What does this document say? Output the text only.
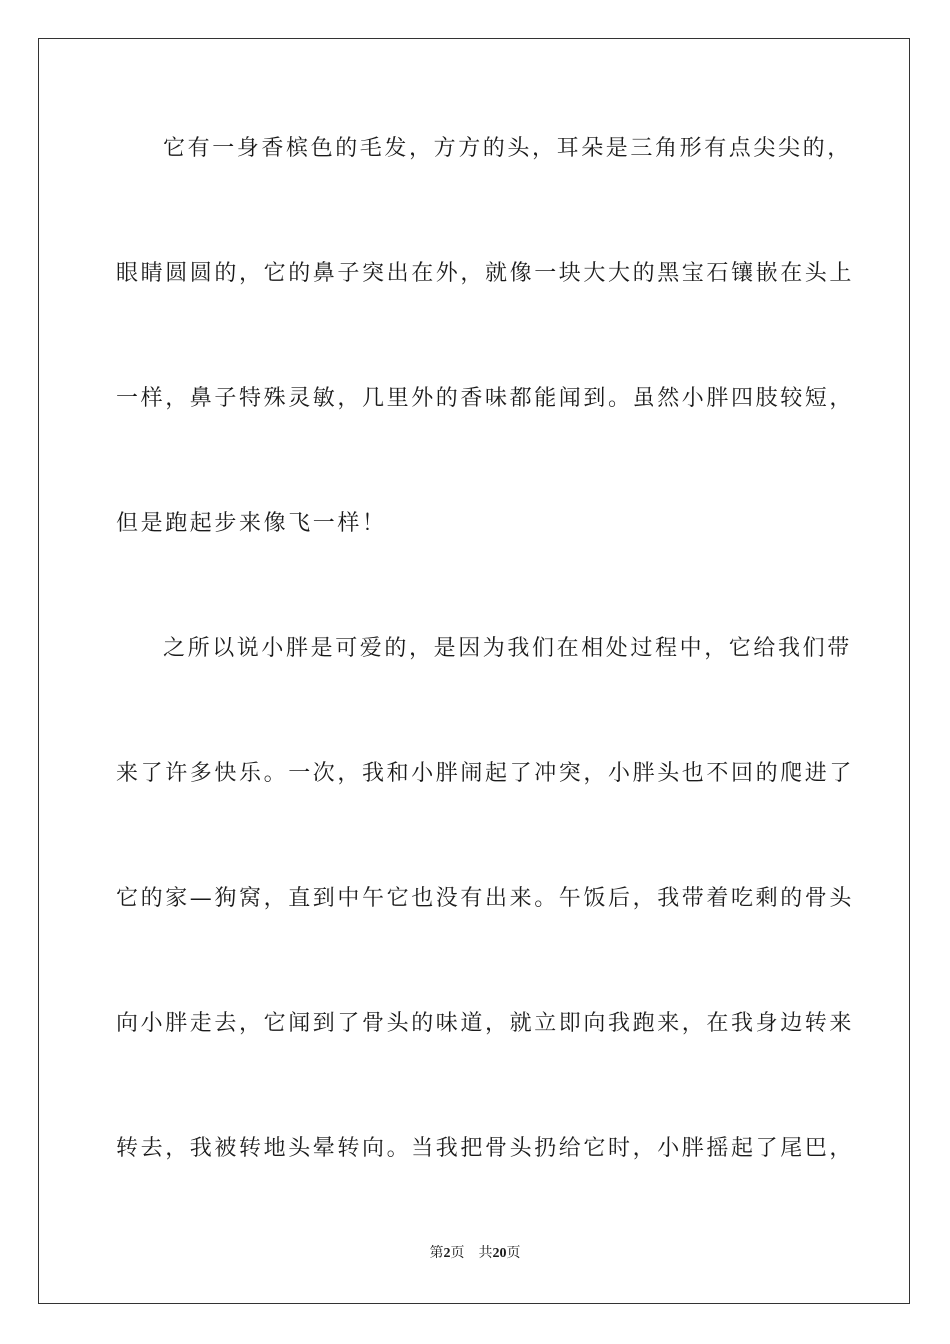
它有一身香槟色的毛发，方方的头，耳朵是三角形有点尖尖的，
眼睛圆圆的，它的鼻子突出在外，就像一块大大的黑宝石镶嵌在头上
一样，鼻子特殊灵敏，几里外的香味都能闻到。虽然小胖四肢较短，
但是跑起步来像飞一样！
之所以说小胖是可爱的，是因为我们在相处过程中，它给我们带
来了许多快乐。一次，我和小胖闹起了冲突，小胖头也不回的爬进了
它的家—狗窝，直到中午它也没有出来。午饭后，我带着吃剩的骨头
向小胖走去，它闻到了骨头的味道，就立即向我跑来，在我身边转来
转去，我被转地头晕转向。当我把骨头扔给它时，小胖摇起了尾巴，
第2页 共20页
